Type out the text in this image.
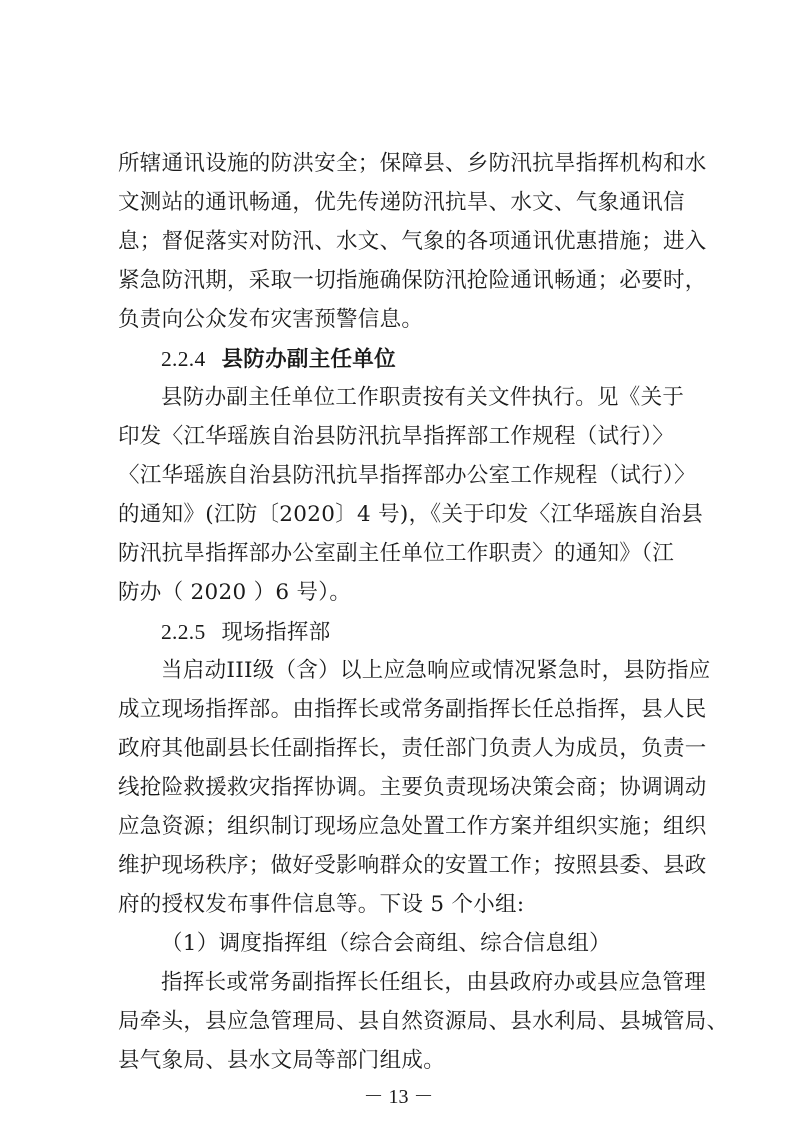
所辖通讯设施的防洪安全；保障县、乡防汛抗旱指挥机构和水
文测站的通讯畅通，优先传递防汛抗旱、水文、气象通讯信
息；督促落实对防汛、水文、气象的各项通讯优惠措施；进入
紧急防汛期，采取一切指施确保防汛抢险通讯畅通；必要时，
负责向公众发布灾害预警信息。
2.2.4 县防办副主任单位
县防办副主任单位工作职责按有关文件执行。见《关于
印发〈江华瑶族自治县防汛抗旱指挥部工作规程（试行）〉
〈江华瑶族自治县防汛抗旱指挥部办公室工作规程（试行）〉
的通知》(江防〔2020〕4 号)，《关于印发〈江华瑶族自治县
防汛抗旱指挥部办公室副主任单位工作职责〉的通知》（江
防办（ 2020 ）6 号）。
2.2.5 现场指挥部
当启动III级（含）以上应急响应或情况紧急时，县防指应
成立现场指挥部。由指挥长或常务副指挥长任总指挥，县人民
政府其他副县长任副指挥长，责任部门负责人为成员，负责一
线抢险救援救灾指挥协调。主要负责现场决策会商；协调调动
应急资源；组织制订现场应急处置工作方案并组织实施；组织
维护现场秩序；做好受影响群众的安置工作；按照县委、县政
府的授权发布事件信息等。下设 5 个小组:
（1）调度指挥组（综合会商组、综合信息组）
指挥长或常务副指挥长任组长，由县政府办或县应急管理
局牵头，县应急管理局、县自然资源局、县水利局、县城管局、
县气象局、县水文局等部门组成。
－ 13 －
